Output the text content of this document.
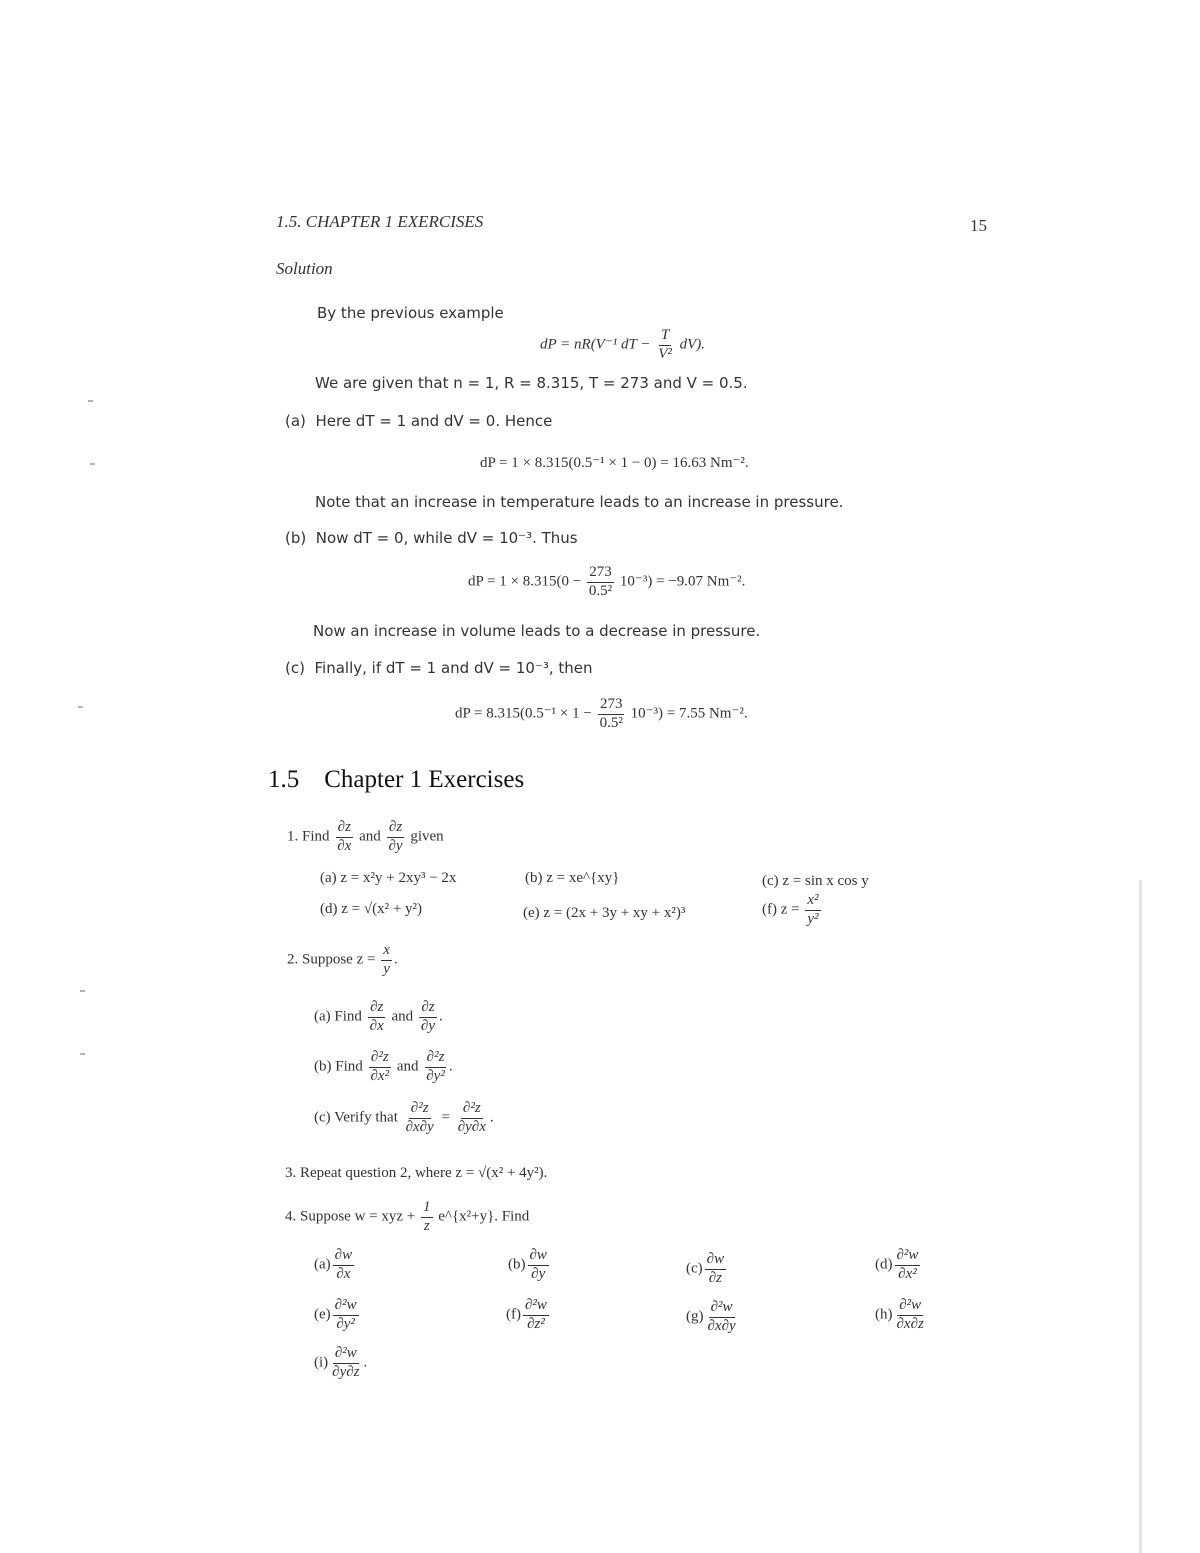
1.5. CHAPTER 1 EXERCISES	15
Solution
By the previous example
dP = nR(V⁻¹ dT − $\frac{T}{\text{V²}} dV$).
We are given that n = 1, R = 8.315, T = 273 and V = 0.5.
(a) Here dT = 1 and dV = 0. Hence
dP = 1 × 8.315(0.5⁻¹ × 1 − 0) = 16.63 Nm⁻².
Note that an increase in temperature leads to an increase in pressure.
(b) Now dT = 0, while dV = 10⁻³. Thus
dP = $1 \times 8.315(0 - \frac{273}{\text{0.5²}} 10^{-3}) = -9.07$ Nm⁻².
Now an increase in volume leads to a decrease in pressure.
(c) Finally, if dT = 1 and dV = 10⁻³, then
dP = $8.315(0.5^{-1} \times 1 - \frac{273}{\text{0.5²}} 10^{-3}) = 7.55$ Nm⁻².
1.5 Chapter 1 Exercises
1. Find $\frac{\partial z}{\partial x}$ and $\frac{\partial z}{\partial y}$ given
(a) z = x²y + 2xy³ − 2x	(b) z = xe^{xy}	(c) z = sin x cos y
(d) z = √(x² + y²)	(e) z = (2x + 3y + xy + x²)³	(f) $z = \frac{\text{x²}}{\text{y²}}$
2. Suppose $z = \frac{x}{y}$ .
(a) Find $\frac{\partial z}{\partial x}$ and $\frac{\partial z}{\partial y}$ .
(b) Find $\frac{\text{∂²z}}{\text{∂x²}}$ and $\frac{\text{∂²z}}{\text{∂y²}}$ .
(c) Verify that $\frac{\text{∂²z}}{\partial x\partial y} = \frac{\text{∂²z}}{\partial y\partial x}$ .
3. Repeat question 2, where z = √(x² + 4y²).
4. Suppose w = xyz + $\frac{1}{z}$ e^{x²+y}. Find
$(a) \frac{\partial w}{\partial x}$	$(b) \frac{\partial w}{\partial y}$	$(c) \frac{\partial w}{\partial z}$	$(d) \frac{\text{∂²w}}{\text{∂x²}}$
$(e) \frac{\text{∂²w}}{\text{∂y²}}$	$(f) \frac{\text{∂²w}}{\text{∂z²}}$	$(g) \frac{\text{∂²w}}{\partial x\partial y}$	$(h) \frac{\text{∂²w}}{\partial x\partial z}$
$(i) \frac{\text{∂²w}}{\partial y\partial z}$ .
